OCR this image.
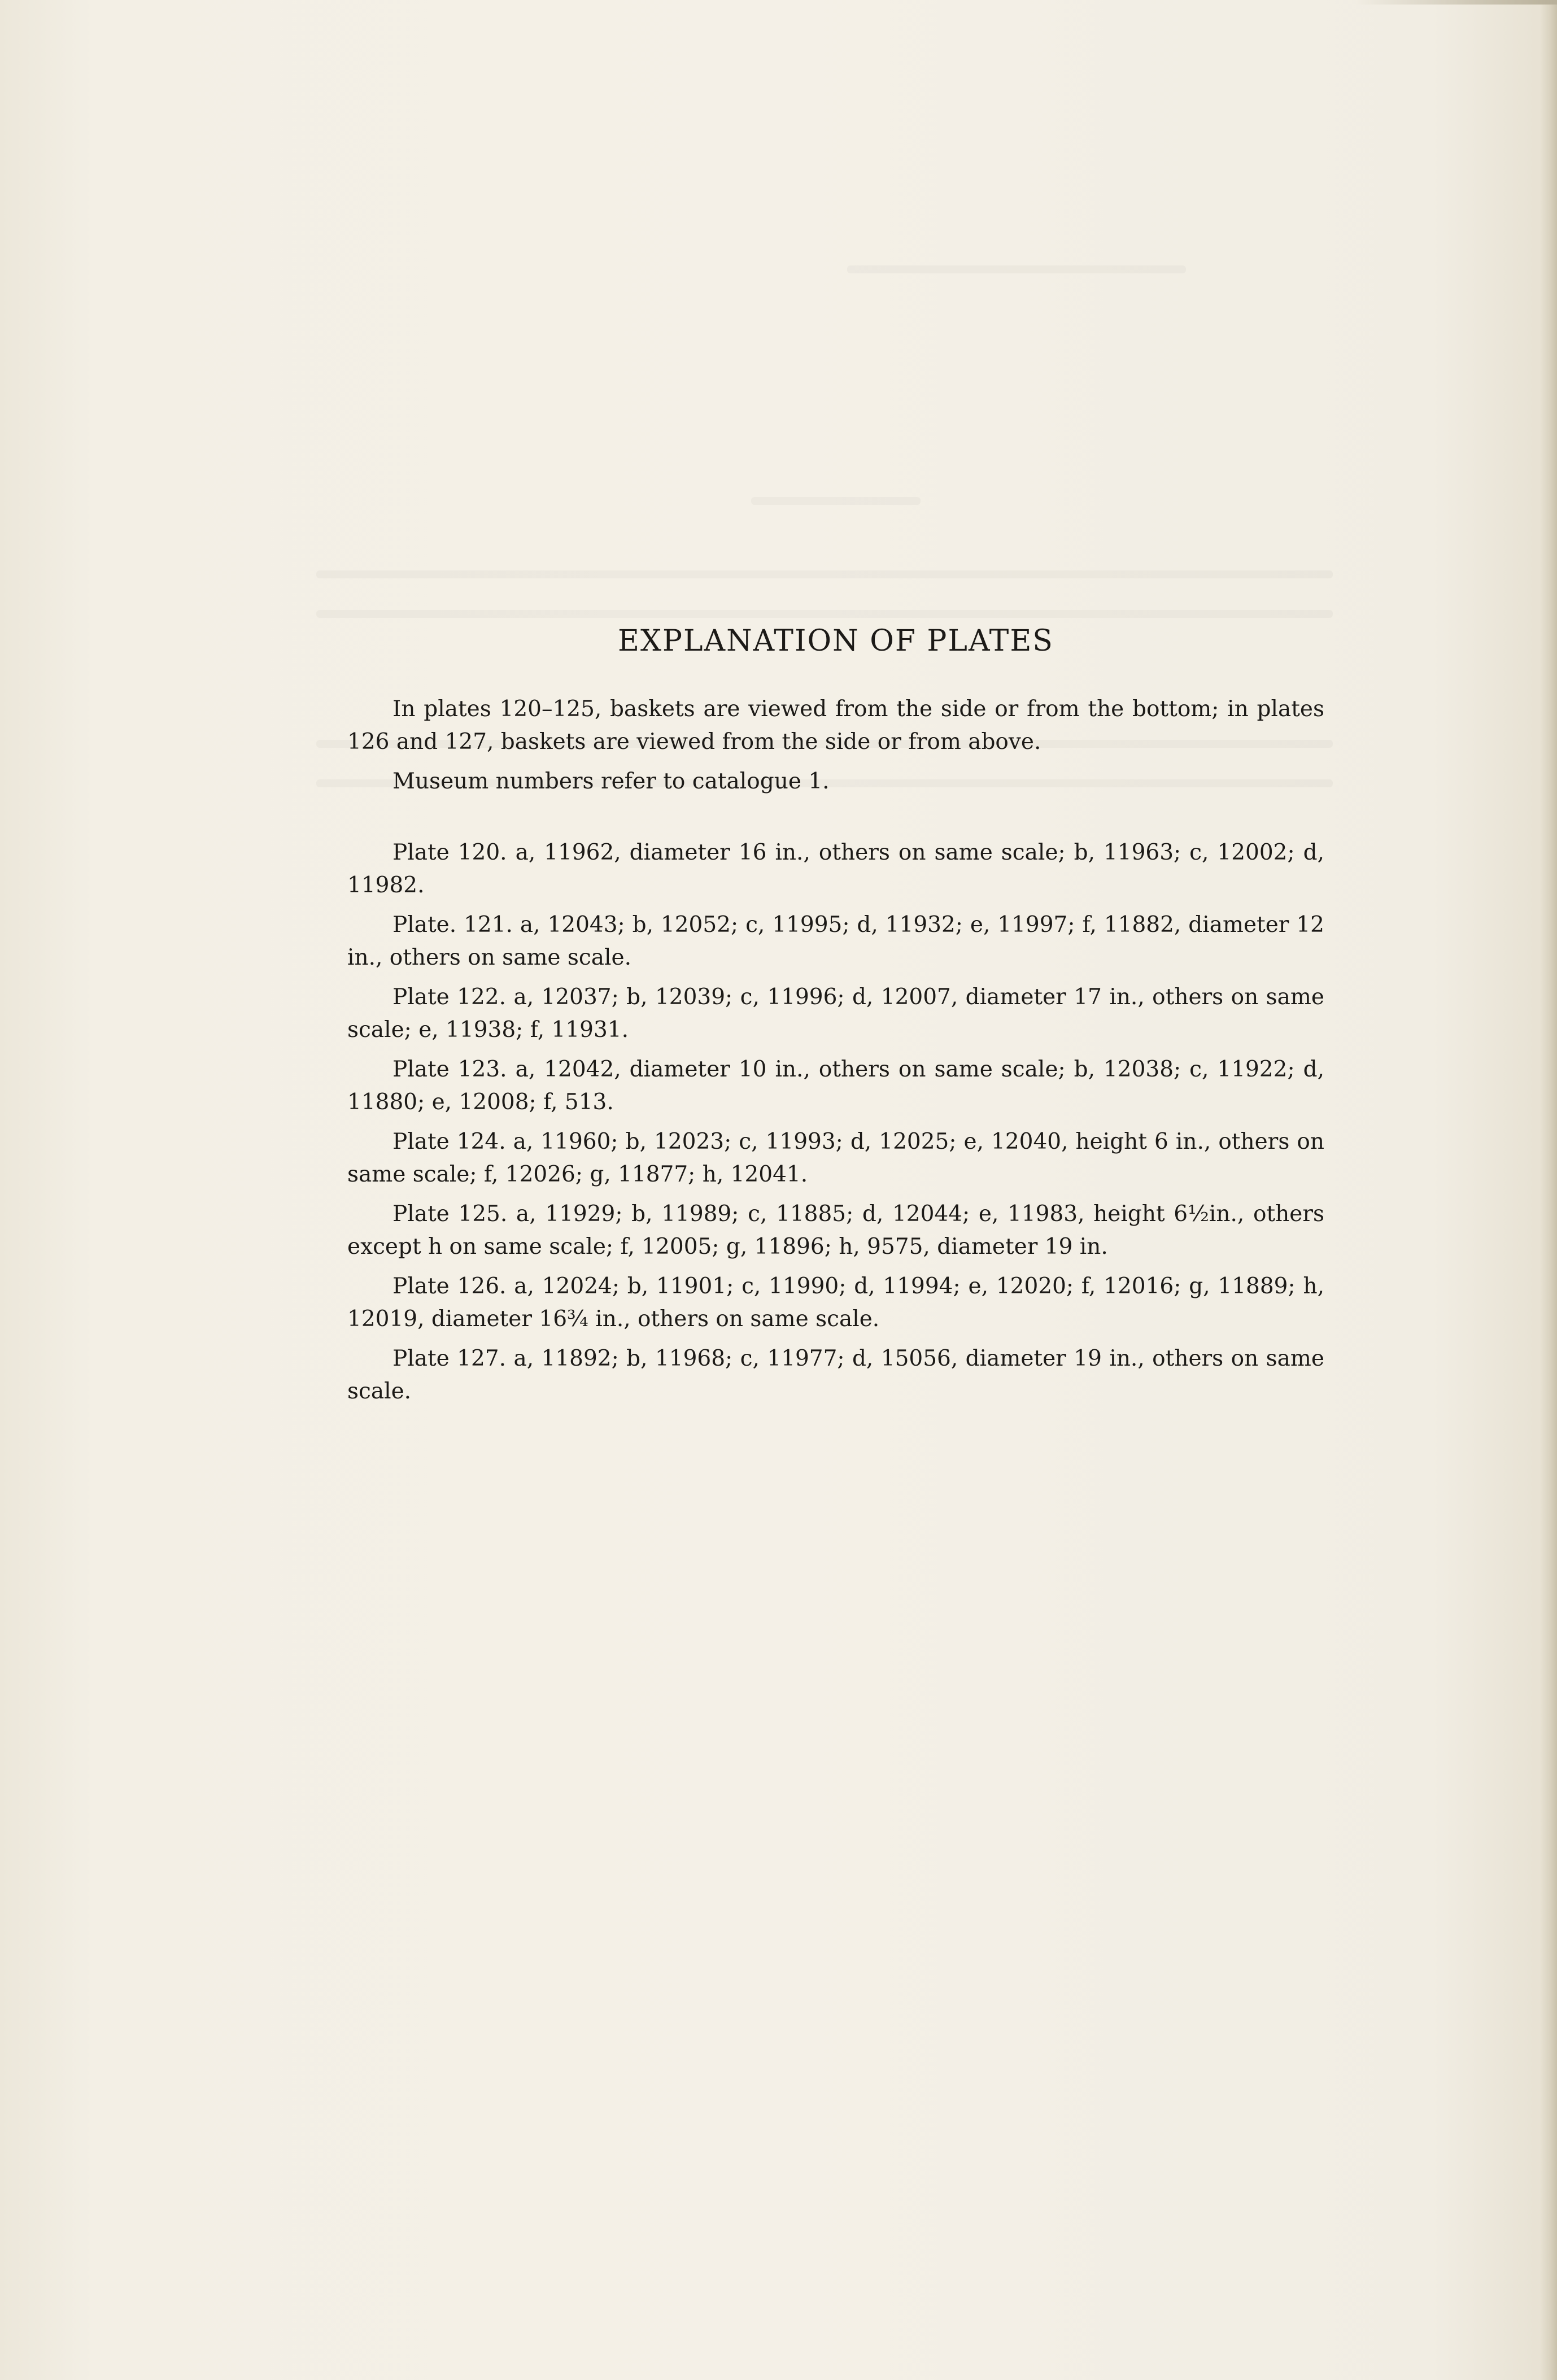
EXPLANATION OF PLATES

In plates 120–125, baskets are viewed from the side or from the bottom; in plates 126 and 127, baskets are viewed from the side or from above.

Museum numbers refer to catalogue 1.

Plate 120. a, 11962, diameter 16 in., others on same scale; b, 11963; c, 12002; d, 11982.

Plate. 121. a, 12043; b, 12052; c, 11995; d, 11932; e, 11997; f, 11882, diameter 12 in., others on same scale.

Plate 122. a, 12037; b, 12039; c, 11996; d, 12007, diameter 17 in., others on same scale; e, 11938; f, 11931.

Plate 123. a, 12042, diameter 10 in., others on same scale; b, 12038; c, 11922; d, 11880; e, 12008; f, 513.

Plate 124. a, 11960; b, 12023; c, 11993; d, 12025; e, 12040, height 6 in., others on same scale; f, 12026; g, 11877; h, 12041.

Plate 125. a, 11929; b, 11989; c, 11885; d, 12044; e, 11983, height 6½in., others except h on same scale; f, 12005; g, 11896; h, 9575, diameter 19 in.

Plate 126. a, 12024; b, 11901; c, 11990; d, 11994; e, 12020; f, 12016; g, 11889; h, 12019, diameter 16¾ in., others on same scale.

Plate 127. a, 11892; b, 11968; c, 11977; d, 15056, diameter 19 in., others on same scale.
